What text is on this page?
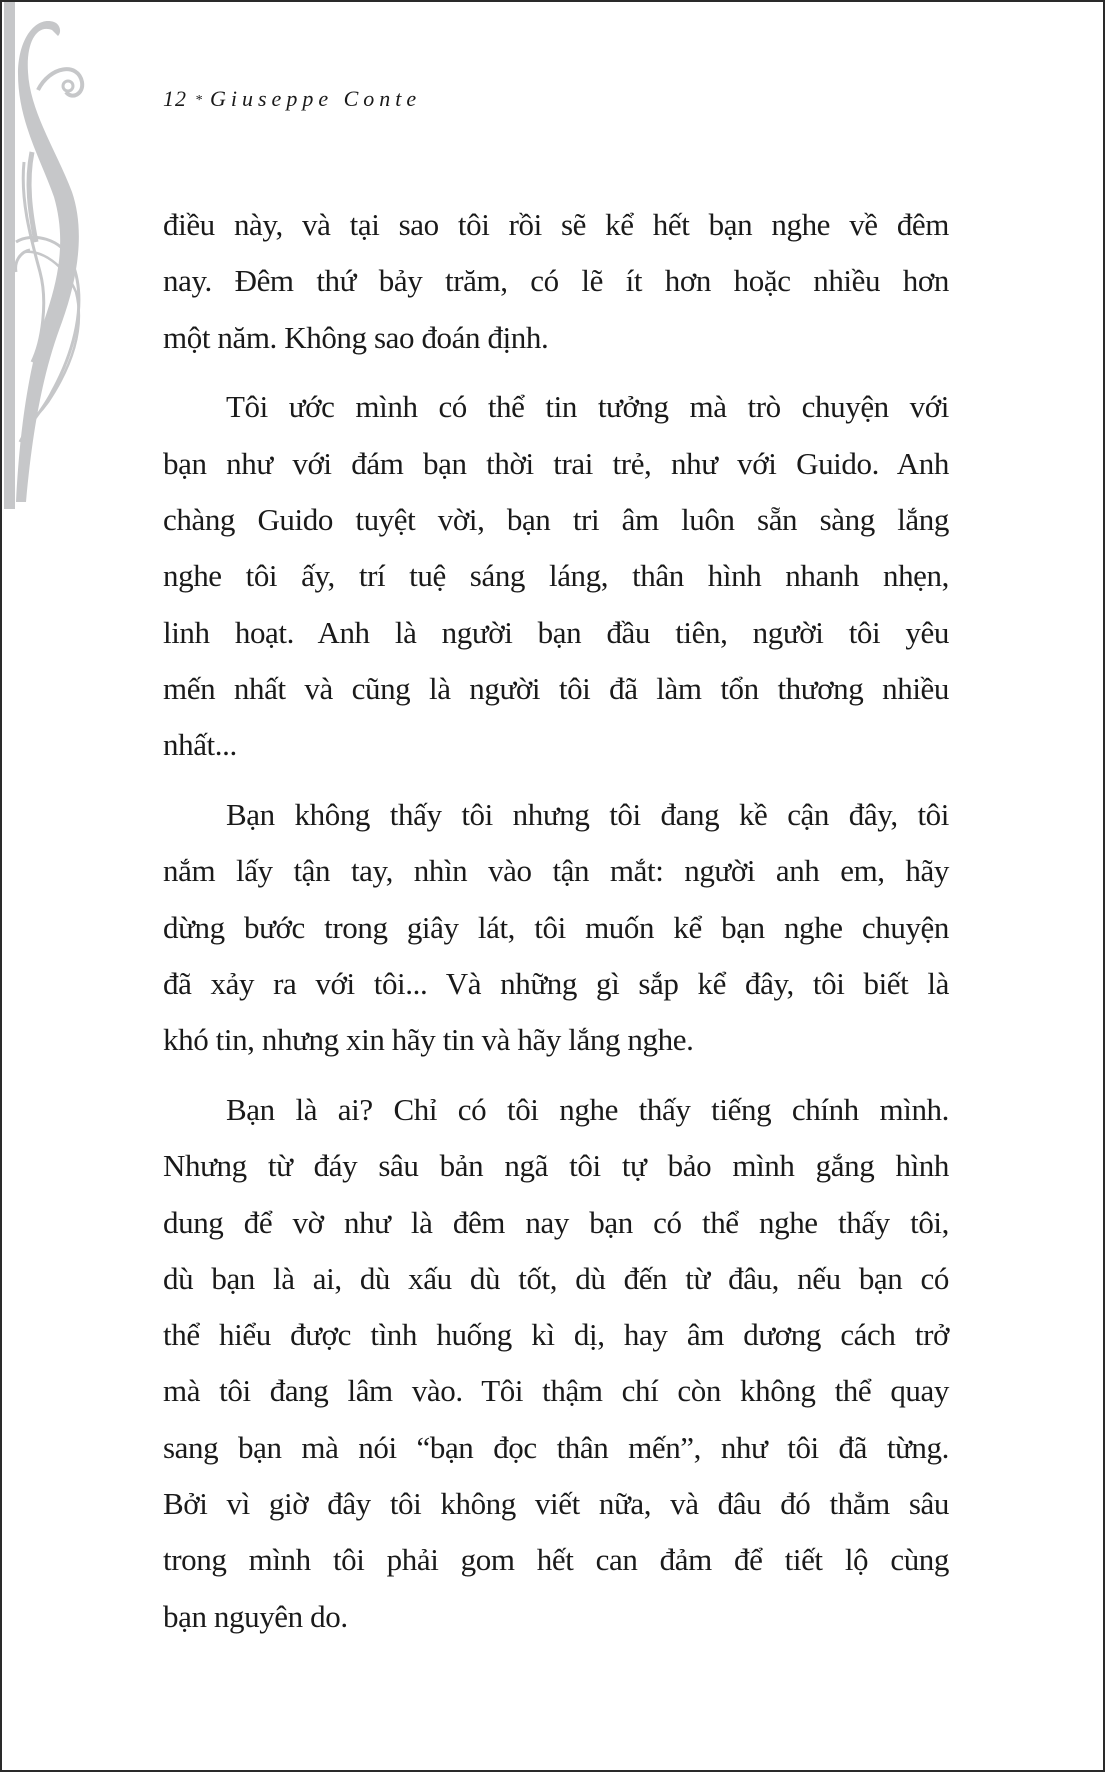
12 * Giuseppe Conte
điều này, và tại sao tôi rồi sẽ kể hết bạn nghe về đêm
nay. Đêm thứ bảy trăm, có lẽ ít hơn hoặc nhiều hơn
một năm. Không sao đoán định.
Tôi ước mình có thể tin tưởng mà trò chuyện với
bạn như với đám bạn thời trai trẻ, như với Guido. Anh
chàng Guido tuyệt vời, bạn tri âm luôn sẵn sàng lắng
nghe tôi ấy, trí tuệ sáng láng, thân hình nhanh nhẹn,
linh hoạt. Anh là người bạn đầu tiên, người tôi yêu
mến nhất và cũng là người tôi đã làm tổn thương nhiều
nhất...
Bạn không thấy tôi nhưng tôi đang kề cận đây, tôi
nắm lấy tận tay, nhìn vào tận mắt: người anh em, hãy
dừng bước trong giây lát, tôi muốn kể bạn nghe chuyện
đã xảy ra với tôi... Và những gì sắp kể đây, tôi biết là
khó tin, nhưng xin hãy tin và hãy lắng nghe.
Bạn là ai? Chỉ có tôi nghe thấy tiếng chính mình.
Nhưng từ đáy sâu bản ngã tôi tự bảo mình gắng hình
dung để vờ như là đêm nay bạn có thể nghe thấy tôi,
dù bạn là ai, dù xấu dù tốt, dù đến từ đâu, nếu bạn có
thể hiểu được tình huống kì dị, hay âm dương cách trở
mà tôi đang lâm vào. Tôi thậm chí còn không thể quay
sang bạn mà nói “bạn đọc thân mến”, như tôi đã từng.
Bởi vì giờ đây tôi không viết nữa, và đâu đó thẳm sâu
trong mình tôi phải gom hết can đảm để tiết lộ cùng
bạn nguyên do.
